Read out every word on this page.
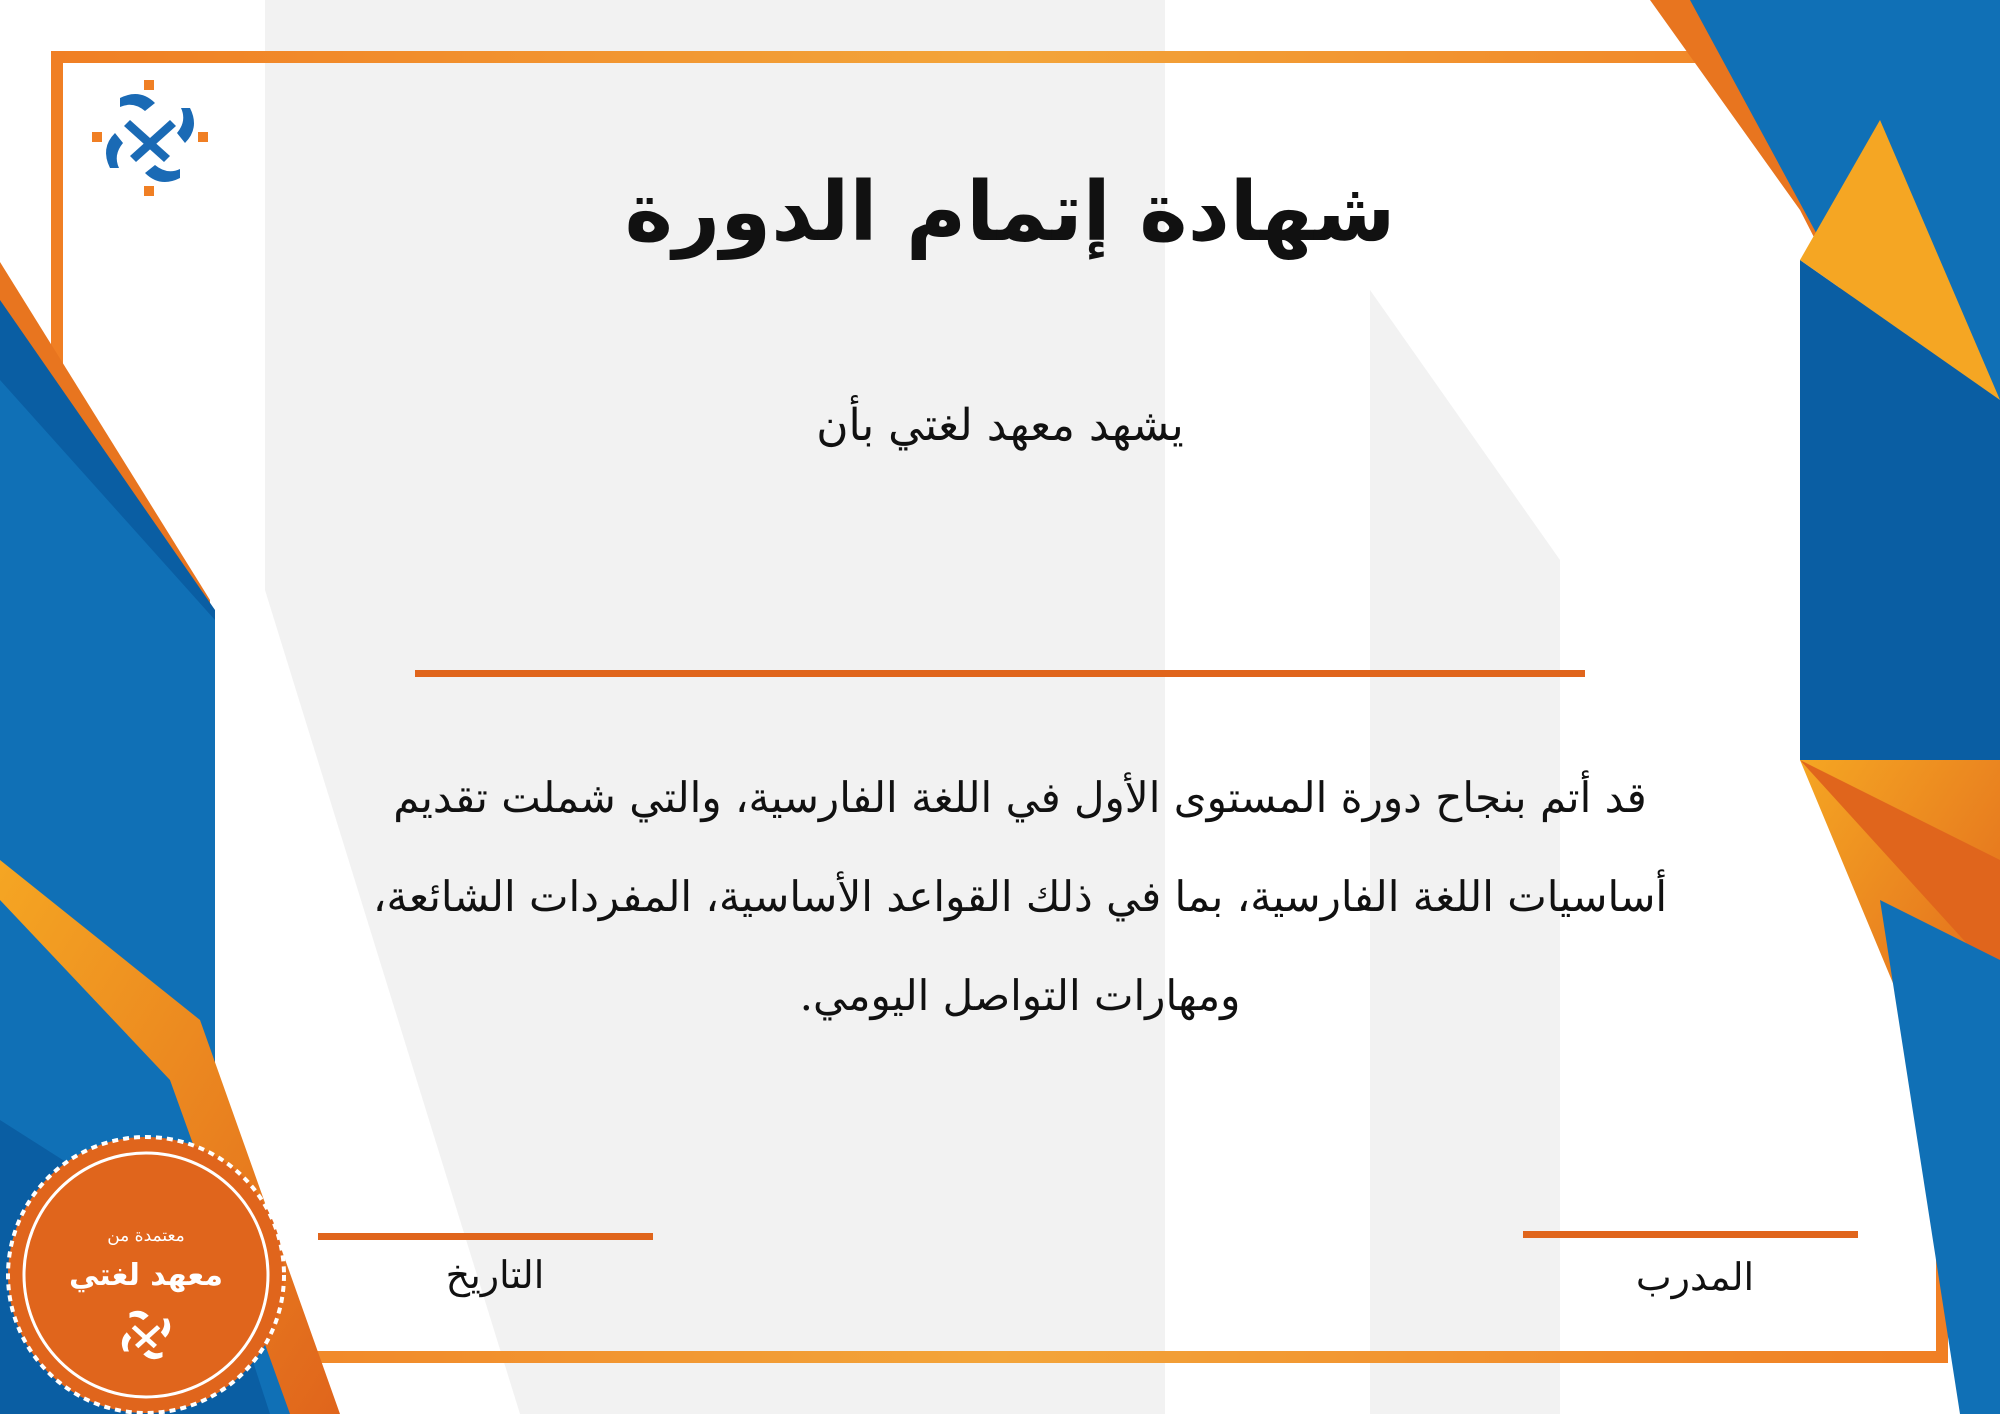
شهادة إتمام الدورة
يشهد معهد لغتي بأن
قد أتم بنجاح دورة المستوى الأول في اللغة الفارسية، والتي شملت تقديم أساسيات اللغة الفارسية، بما في ذلك القواعد الأساسية، المفردات الشائعة، ومهارات التواصل اليومي.
التاريخ	المدرب
معتمدة من
معهد لغتي
